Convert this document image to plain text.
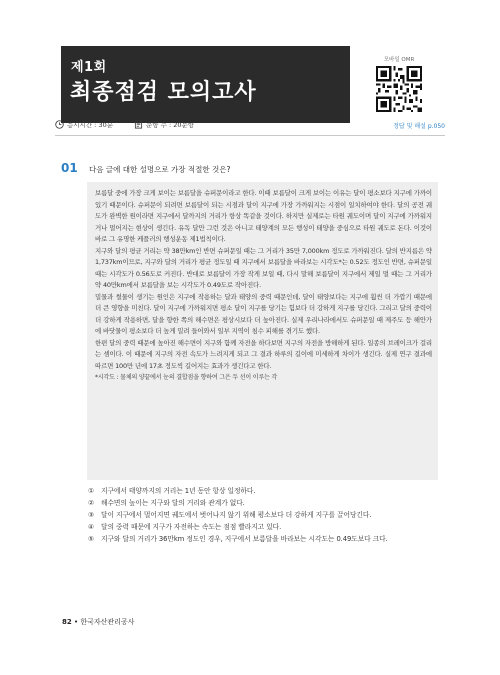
제1회
최종점검 모의고사
모바일 OMR
응시시간 : 30분	문항 수 : 20문항	정답 및 해설 p.050
01 다음 글에 대한 설명으로 가장 적절한 것은?

보름달 중에 가장 크게 보이는 보름달을 슈퍼문이라고 한다. 이때 보름달이 크게 보이는 이유는 달이 평소보다 지구에 가까이 있기 때문이다. 슈퍼문이 되려면 보름달이 되는 시점과 달이 지구에 가장 가까워지는 시점이 일치하여야 한다. 달의 공전 궤도가 완벽한 원이라면 지구에서 달까지의 거리가 항상 똑같을 것이다. 하지만 실제로는 타원 궤도이며 달이 지구에 가까워지거나 멀어지는 현상이 생긴다. 유독 달만 그런 것은 아니고 태양계의 모든 행성이 태양을 중심으로 타원 궤도로 돈다. 이것이 바로 그 유명한 케플러의 행성운동 제1법칙이다.

지구와 달의 평균 거리는 약 38만km인 반면 슈퍼문일 때는 그 거리가 35만 7,000km 정도로 가까워진다. 달의 반지름은 약 1,737km이므로, 지구와 달의 거리가 평균 정도일 때 지구에서 보름달을 바라보는 시각도*는 0.52도 정도인 반면, 슈퍼문일 때는 시각도가 0.56도로 커진다. 반대로 보름달이 가장 작게 보일 때, 다시 말해 보름달이 지구에서 제일 멀 때는 그 거리가 약 40만km에서 보름달을 보는 시각도가 0.49도로 작아진다.

밀물과 썰물이 생기는 원인은 지구에 작용하는 달과 태양의 중력 때문인데, 달이 태양보다는 지구에 훨씬 더 가깝기 때문에 더 큰 영향을 미친다. 달이 지구에 가까워지면 평소 달이 지구를 당기는 힘보다 더 강하게 지구를 당긴다. 그리고 달의 중력이 더 강하게 작용하면, 달을 향한 쪽의 해수면은 평상시보다 더 높아진다. 실제 우리나라에서도 슈퍼문일 때 제주도 등 해안가에 바닷물이 평소보다 더 높게 밀려 들어와서 일부 지역이 침수 피해를 겪기도 했다.

한편 달의 중력 때문에 높아진 해수면이 지구와 함께 자전을 하다보면 지구의 자전을 방해하게 된다. 일종의 브레이크가 걸리는 셈이다. 이 때문에 지구의 자전 속도가 느려지게 되고 그 결과 하루의 길이에 미세하게 차이가 생긴다. 실제 연구 결과에 따르면 100만 년에 17초 정도씩 길어지는 효과가 생긴다고 한다.

*시각도 : 물체의 양끝에서 눈의 결합점을 향하여 그은 두 선이 이루는 각

①	지구에서 태양까지의 거리는 1년 동안 항상 일정하다.
②	해수면의 높이는 지구와 달의 거리와 관계가 없다.
③	달이 지구에서 멀어지면 궤도에서 벗어나지 않기 위해 평소보다 더 강하게 지구를 끌어당긴다.
④	달의 중력 때문에 지구가 자전하는 속도는 점점 빨라지고 있다.
⑤	지구와 달의 거리가 36만km 정도인 경우, 지구에서 보름달을 바라보는 시각도는 0.49도보다 크다.
82 • 한국자산관리공사
